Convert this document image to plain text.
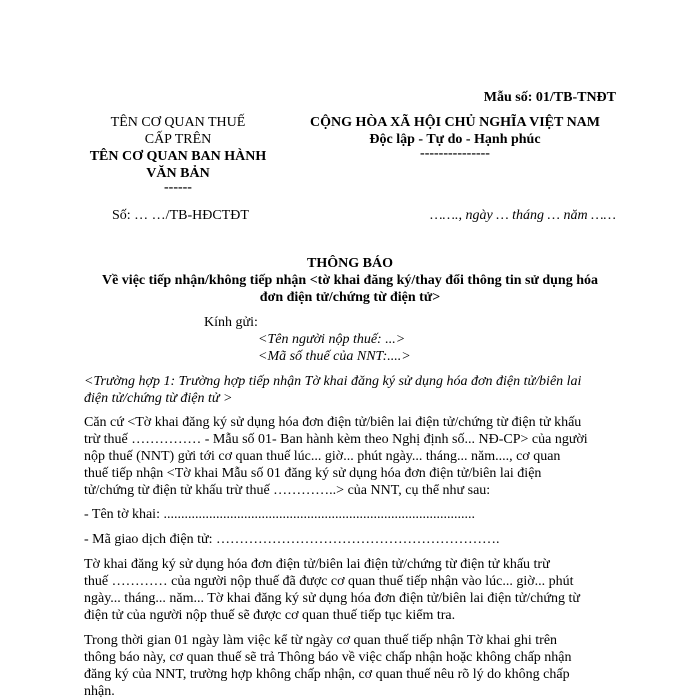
Mẫu số: 01/TB-TNĐT
TÊN CƠ QUAN THUẾ
CẤP TRÊN
TÊN CƠ QUAN BAN HÀNH
VĂN BẢN
------
Số: … …/TB-HĐCTĐT
CỘNG HÒA XÃ HỘI CHỦ NGHĨA VIỆT NAM
Độc lập - Tự do - Hạnh phúc
---------------
……., ngày … tháng … năm ……
THÔNG BÁO
Về việc tiếp nhận/không tiếp nhận <tờ khai đăng ký/thay đổi thông tin sử dụng hóa
đơn điện tử/chứng từ điện tử>
Kính gửi:
<Tên người nộp thuế: ...>
<Mã số thuế của NNT:....>
<Trường hợp 1: Trường hợp tiếp nhận Tờ khai đăng ký sử dụng hóa đơn điện tử/biên lai
điện tử/chứng từ điện tử >
Căn cứ <Tờ khai đăng ký sử dụng hóa đơn điện tử/biên lai điện tử/chứng từ điện tử khấu
trừ thuế …………… - Mẫu số 01- Ban hành kèm theo Nghị định số... NĐ-CP> của người
nộp thuế (NNT) gửi tới cơ quan thuế lúc... giờ... phút ngày... tháng... năm...., cơ quan
thuế tiếp nhận <Tờ khai Mẫu số 01 đăng ký sử dụng hóa đơn điện tử/biên lai điện
tử/chứng từ điện tử khấu trừ thuế …………..> của NNT, cụ thể như sau:
- Tên tờ khai: .........................................................................................
- Mã giao dịch điện tử: …………………………………………………….
Tờ khai đăng ký sử dụng hóa đơn điện tử/biên lai điện tử/chứng từ điện tử khấu trừ
thuế ………… của người nộp thuế đã được cơ quan thuế tiếp nhận vào lúc... giờ... phút
ngày... tháng... năm... Tờ khai đăng ký sử dụng hóa đơn điện tử/biên lai điện tử/chứng từ
điện tử của người nộp thuế sẽ được cơ quan thuế tiếp tục kiểm tra.
Trong thời gian 01 ngày làm việc kể từ ngày cơ quan thuế tiếp nhận Tờ khai ghi trên
thông báo này, cơ quan thuế sẽ trả Thông báo về việc chấp nhận hoặc không chấp nhận
đăng ký của NNT, trường hợp không chấp nhận, cơ quan thuế nêu rõ lý do không chấp
nhận.
